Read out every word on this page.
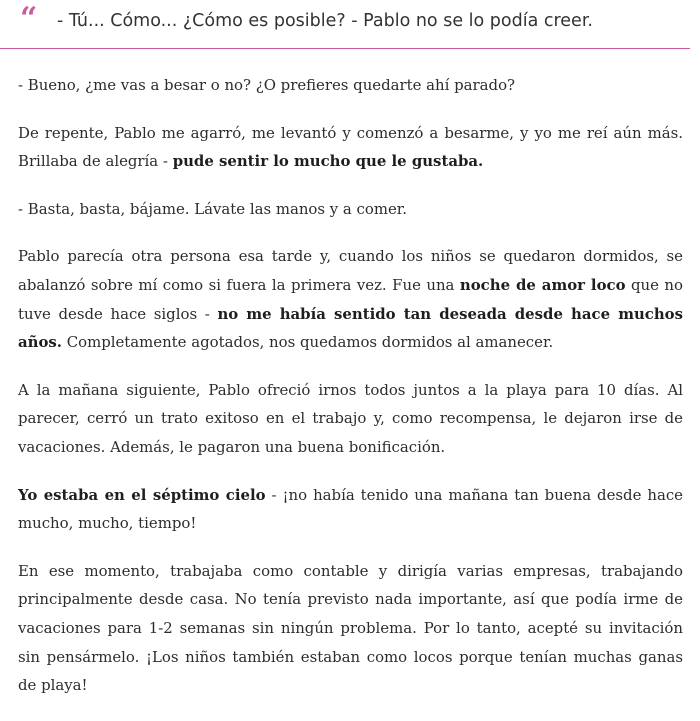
“ - Tú... Cómo... ¿Cómo es posible? - Pablo no se lo podía creer.

- Bueno, ¿me vas a besar o no? ¿O prefieres quedarte ahí parado?

De repente, Pablo me agarró, me levantó y comenzó a besarme, y yo me reí aún más. Brillaba de alegría - pude sentir lo mucho que le gustaba.

- Basta, basta, bájame. Lávate las manos y a comer.

Pablo parecía otra persona esa tarde y, cuando los niños se quedaron dormidos, se abalanzó sobre mí como si fuera la primera vez. Fue una noche de amor loco que no tuve desde hace siglos - no me había sentido tan deseada desde hace muchos años. Completamente agotados, nos quedamos dormidos al amanecer.

A la mañana siguiente, Pablo ofreció irnos todos juntos a la playa para 10 días. Al parecer, cerró un trato exitoso en el trabajo y, como recompensa, le dejaron irse de vacaciones. Además, le pagaron una buena bonificación.

Yo estaba en el séptimo cielo - ¡no había tenido una mañana tan buena desde hace mucho, mucho, tiempo!

En ese momento, trabajaba como contable y dirigía varias empresas, trabajando principalmente desde casa. No tenía previsto nada importante, así que podía irme de vacaciones para 1-2 semanas sin ningún problema. Por lo tanto, acepté su invitación sin pensármelo. ¡Los niños también estaban como locos porque tenían muchas ganas de playa!
